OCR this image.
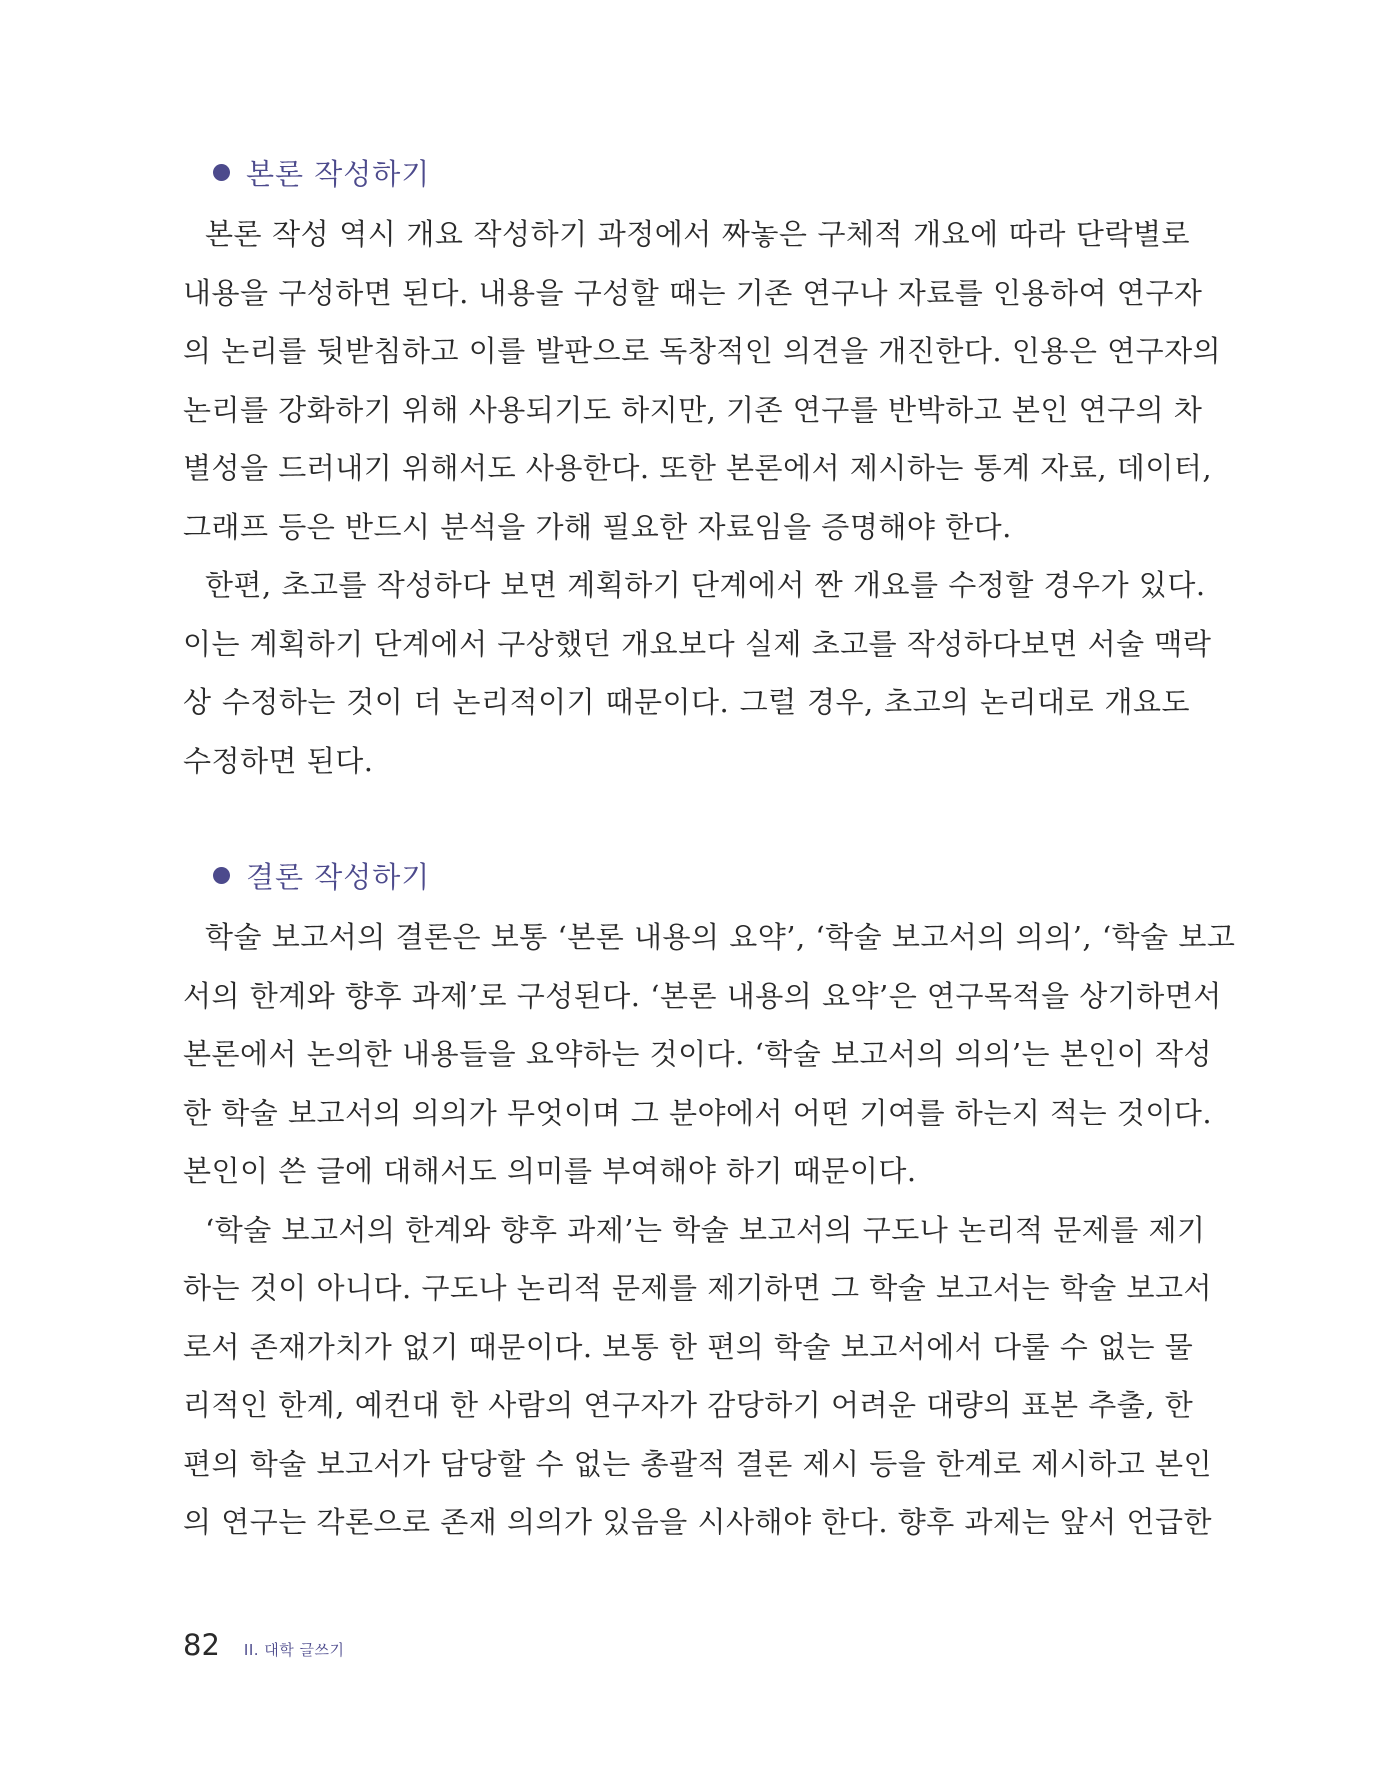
본론 작성하기

본론 작성 역시 개요 작성하기 과정에서 짜놓은 구체적 개요에 따라 단락별로
내용을 구성하면 된다. 내용을 구성할 때는 기존 연구나 자료를 인용하여 연구자
의 논리를 뒷받침하고 이를 발판으로 독창적인 의견을 개진한다. 인용은 연구자의
논리를 강화하기 위해 사용되기도 하지만, 기존 연구를 반박하고 본인 연구의 차
별성을 드러내기 위해서도 사용한다. 또한 본론에서 제시하는 통계 자료, 데이터,
그래프 등은 반드시 분석을 가해 필요한 자료임을 증명해야 한다.

한편, 초고를 작성하다 보면 계획하기 단계에서 짠 개요를 수정할 경우가 있다.
이는 계획하기 단계에서 구상했던 개요보다 실제 초고를 작성하다보면 서술 맥락
상 수정하는 것이 더 논리적이기 때문이다. 그럴 경우, 초고의 논리대로 개요도
수정하면 된다.

결론 작성하기

학술 보고서의 결론은 보통 ‘본론 내용의 요약’, ‘학술 보고서의 의의’, ‘학술 보고
서의 한계와 향후 과제’로 구성된다. ‘본론 내용의 요약’은 연구목적을 상기하면서
본론에서 논의한 내용들을 요약하는 것이다. ‘학술 보고서의 의의’는 본인이 작성
한 학술 보고서의 의의가 무엇이며 그 분야에서 어떤 기여를 하는지 적는 것이다.
본인이 쓴 글에 대해서도 의미를 부여해야 하기 때문이다.

‘학술 보고서의 한계와 향후 과제’는 학술 보고서의 구도나 논리적 문제를 제기
하는 것이 아니다. 구도나 논리적 문제를 제기하면 그 학술 보고서는 학술 보고서
로서 존재가치가 없기 때문이다. 보통 한 편의 학술 보고서에서 다룰 수 없는 물
리적인 한계, 예컨대 한 사람의 연구자가 감당하기 어려운 대량의 표본 추출, 한
편의 학술 보고서가 담당할 수 없는 총괄적 결론 제시 등을 한계로 제시하고 본인
의 연구는 각론으로 존재 의의가 있음을 시사해야 한다. 향후 과제는 앞서 언급한

82 II. 대학 글쓰기
